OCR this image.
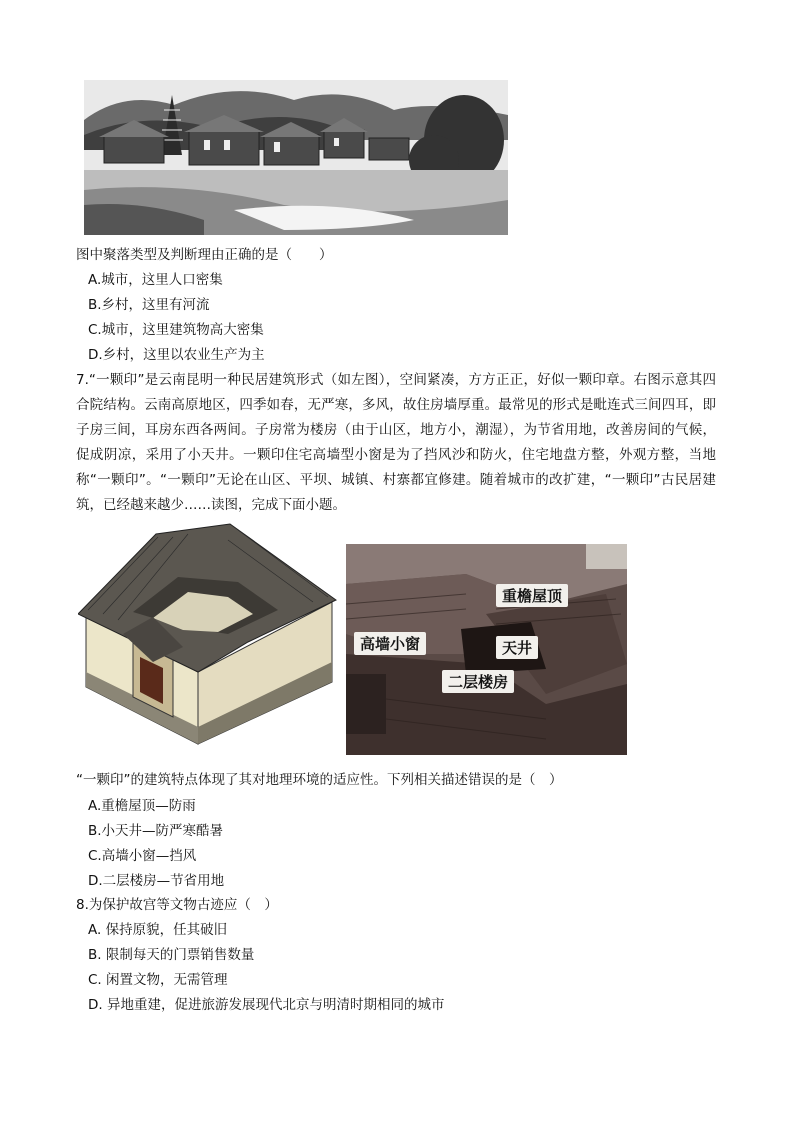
图中聚落类型及判断理由正确的是（　　）
A.城市，这里人口密集
B.乡村，这里有河流
C.城市，这里建筑物高大密集
D.乡村，这里以农业生产为主
7.“一颗印”是云南昆明一种民居建筑形式（如左图），空间紧凑，方方正正，好似一颗印章。右图示意其四合院结构。云南高原地区，四季如春，无严寒，多风，故住房墙厚重。最常见的形式是毗连式三间四耳，即子房三间，耳房东西各两间。子房常为楼房（由于山区，地方小，潮湿），为节省用地，改善房间的气候，促成阴凉，采用了小天井。一颗印住宅高墙型小窗是为了挡风沙和防火，住宅地盘方整，外观方整，当地称“一颗印”。“一颗印”无论在山区、平坝、城镇、村寨都宜修建。随着城市的改扩建，“一颗印”古民居建筑，已经越来越少……读图，完成下面小题。
重檐屋顶
高墙小窗	天井
二层楼房
“一颗印”的建筑特点体现了其对地理环境的适应性。下列相关描述错误的是（　）
A.重檐屋顶—防雨
B.小天井—防严寒酷暑
C.高墙小窗—挡风
D.二层楼房—节省用地
8.为保护故宫等文物古迹应（　）
A. 保持原貌，任其破旧
B. 限制每天的门票销售数量
C. 闲置文物，无需管理
D. 异地重建，促进旅游发展现代北京与明清时期相同的城市
